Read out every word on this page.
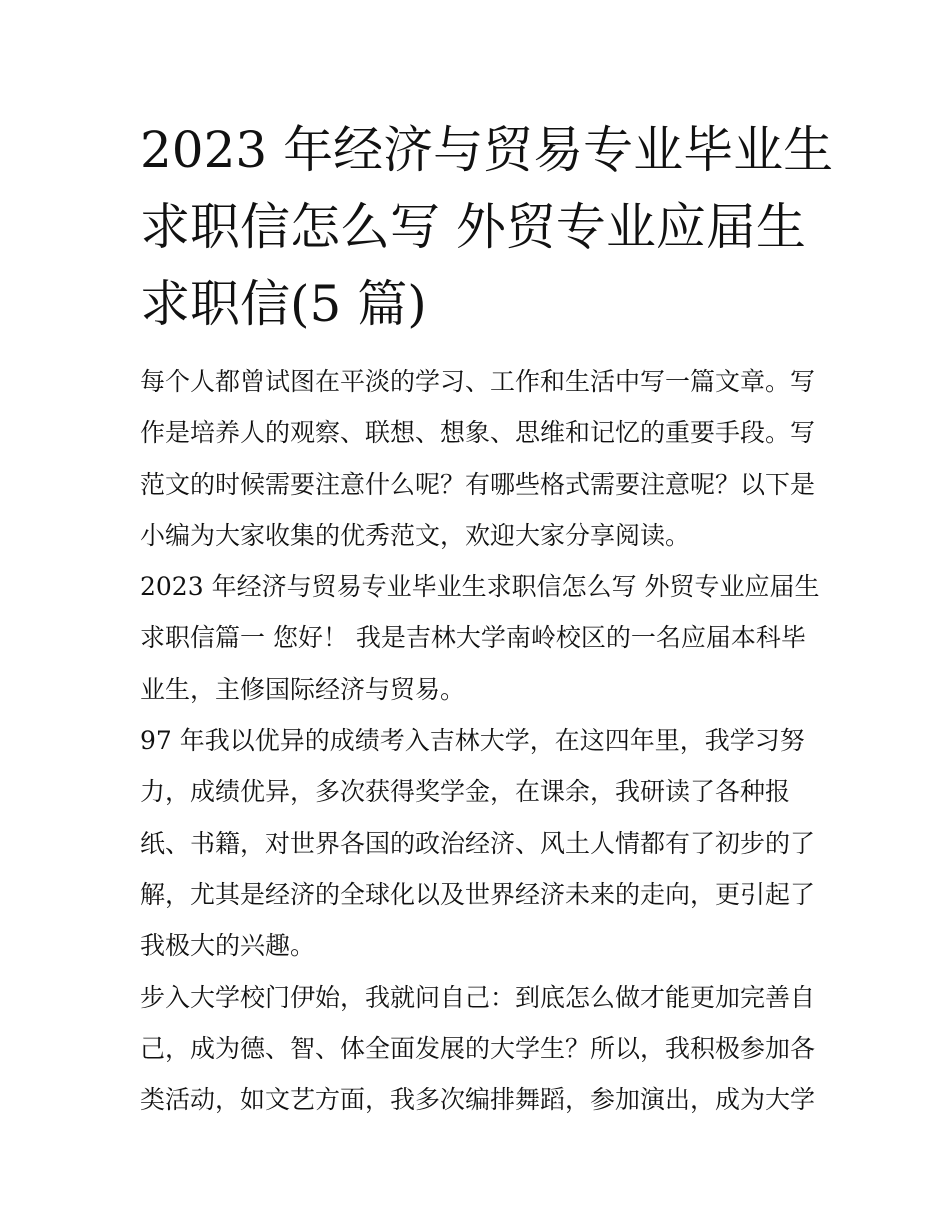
2023 年经济与贸易专业毕业生
求职信怎么写 外贸专业应届生
求职信(5 篇)
每个人都曾试图在平淡的学习、工作和生活中写一篇文章。写
作是培养人的观察、联想、想象、思维和记忆的重要手段。写
范文的时候需要注意什么呢？有哪些格式需要注意呢？以下是
小编为大家收集的优秀范文，欢迎大家分享阅读。
2023 年经济与贸易专业毕业生求职信怎么写 外贸专业应届生
求职信篇一 您好！ 我是吉林大学南岭校区的一名应届本科毕
业生，主修国际经济与贸易。
97 年我以优异的成绩考入吉林大学，在这四年里，我学习努
力，成绩优异，多次获得奖学金，在课余，我研读了各种报
纸、书籍，对世界各国的政治经济、风土人情都有了初步的了
解，尤其是经济的全球化以及世界经济未来的走向，更引起了
我极大的兴趣。
步入大学校门伊始，我就问自己：到底怎么做才能更加完善自
己，成为德、智、体全面发展的大学生？所以，我积极参加各
类活动，如文艺方面，我多次编排舞蹈，参加演出，成为大学
